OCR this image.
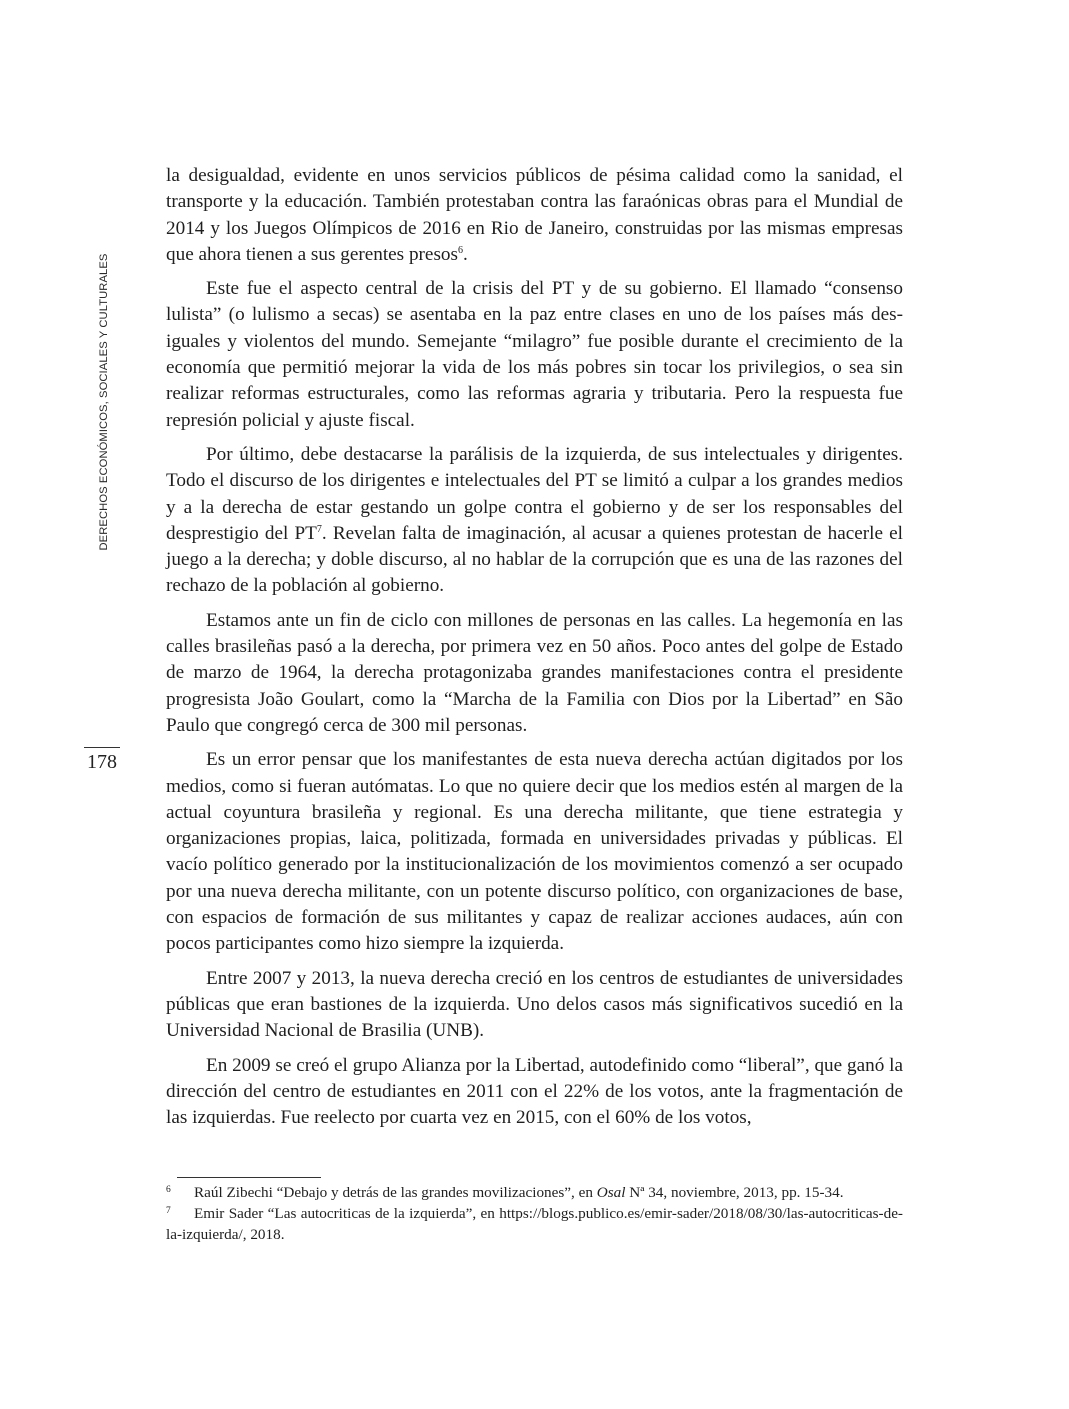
DERECHOS ECONÓMICOS, SOCIALES Y CULTURALES
178

la desigualdad, evidente en unos servicios públicos de pésima calidad como la sanidad, el transporte y la educación. También protestaban contra las faraónicas obras para el Mundial de 2014 y los Juegos Olímpicos de 2016 en Rio de Janeiro, construidas por las mismas empresas que ahora tienen a sus gerentes presos$^6$.

Este fue el aspecto central de la crisis del PT y de su gobierno. El llamado “consenso lulista” (o lulismo a secas) se asentaba en la paz entre clases en uno de los países más desiguales y violentos del mundo. Semejante “milagro” fue posible durante el crecimiento de la economía que permitió mejorar la vida de los más pobres sin tocar los privilegios, o sea sin realizar reformas estructurales, como las reformas agraria y tributaria. Pero la respuesta fue represión policial y ajuste fiscal.

Por último, debe destacarse la parálisis de la izquierda, de sus intelectuales y dirigentes. Todo el discurso de los dirigentes e intelectuales del PT se limitó a culpar a los grandes medios y a la derecha de estar gestando un golpe contra el gobierno y de ser los responsables del desprestigio del $PT^7$. Revelan falta de imaginación, al acusar a quienes protestan de hacerle el juego a la derecha; y doble discurso, al no hablar de la corrupción que es una de las razones del rechazo de la población al gobierno.

Estamos ante un fin de ciclo con millones de personas en las calles. La hegemonía en las calles brasileñas pasó a la derecha, por primera vez en 50 años. Poco antes del golpe de Estado de marzo de 1964, la derecha protagonizaba grandes manifestaciones contra el presidente progresista João Goulart, como la “Marcha de la Familia con Dios por la Libertad” en São Paulo que congregó cerca de 300 mil personas.

Es un error pensar que los manifestantes de esta nueva derecha actúan digitados por los medios, como si fueran autómatas. Lo que no quiere decir que los medios estén al margen de la actual coyuntura brasileña y regional. Es una derecha militante, que tiene estrategia y organizaciones propias, laica, politizada, formada en universidades privadas y públicas. El vacío político generado por la institucionalización de los movimientos comenzó a ser ocupado por una nueva derecha militante, con un potente discurso político, con organizaciones de base, con espacios de formación de sus militantes y capaz de realizar acciones audaces, aún con pocos participantes como hizo siempre la izquierda.

Entre 2007 y 2013, la nueva derecha creció en los centros de estudiantes de universidades públicas que eran bastiones de la izquierda. Uno delos casos más significativos sucedió en la Universidad Nacional de Brasilia (UNB).

En 2009 se creó el grupo Alianza por la Libertad, autodefinido como “liberal”, que ganó la dirección del centro de estudiantes en 2011 con el 22% de los votos, ante la fragmentación de las izquierdas. Fue reelecto por cuarta vez en 2015, con el 60% de los votos,

6 Raúl Zibechi “Debajo y detrás de las grandes movilizaciones”, en Osal Nª 34, noviembre, 2013, pp. 15-34.

7 Emir Sader “Las autocriticas de la izquierda”, en https://blogs.publico.es/emir-sader/2018/08/30/las-autocriticas-de-la-izquierda/, 2018.
